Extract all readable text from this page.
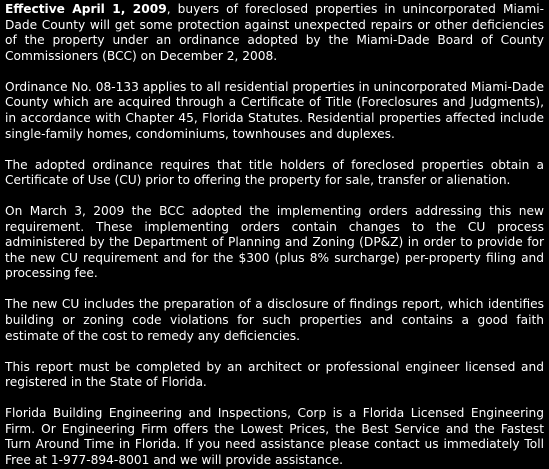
Effective April 1, 2009, buyers of foreclosed properties in unincorporated Miami-Dade County will get some protection against unexpected repairs or other deficiencies of the property under an ordinance adopted by the Miami-Dade Board of County Commissioners (BCC) on December 2, 2008.

Ordinance No. 08-133 applies to all residential properties in unincorporated Miami-Dade County which are acquired through a Certificate of Title (Foreclosures and Judgments), in accordance with Chapter 45, Florida Statutes. Residential properties affected include single-family homes, condominiums, townhouses and duplexes.

The adopted ordinance requires that title holders of foreclosed properties obtain a Certificate of Use (CU) prior to offering the property for sale, transfer or alienation.

On March 3, 2009 the BCC adopted the implementing orders addressing this new requirement. These implementing orders contain changes to the CU process administered by the Department of Planning and Zoning (DP&Z) in order to provide for the new CU requirement and for the $300 (plus 8% surcharge) per-property filing and processing fee.

The new CU includes the preparation of a disclosure of findings report, which identifies building or zoning code violations for such properties and contains a good faith estimate of the cost to remedy any deficiencies.

This report must be completed by an architect or professional engineer licensed and registered in the State of Florida.

Florida Building Engineering and Inspections, Corp is a Florida Licensed Engineering Firm. Or Engineering Firm offers the Lowest Prices, the Best Service and the Fastest Turn Around Time in Florida. If you need assistance please contact us immediately Toll Free at 1-977-894-8001 and we will provide assistance.
